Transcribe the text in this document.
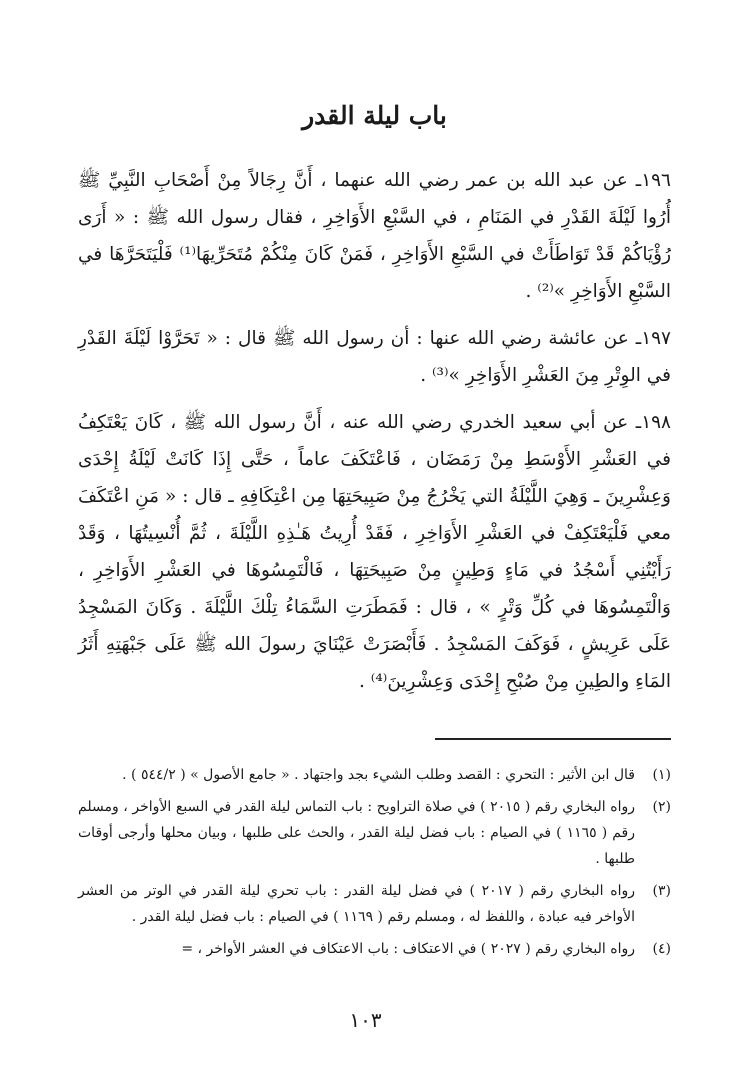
باب ليلة القدر

١٩٦ـ عن عبد الله بن عمر رضي الله عنهما ، أَنَّ رِجَالاً مِنْ أَصْحَابِ النَّبِيِّ ﷺ أُرُوا لَيْلَةَ القَدْرِ في المَنَامِ ، في السَّبْعِ الأَوَاخِرِ ، فقال رسول الله ﷺ : « أَرَى رُؤْيَاكُمْ قَدْ تَوَاطَأَتْ في السَّبْعِ الأَوَاخِرِ ، فَمَنْ كَانَ مِنْكُمْ مُتَحَرِّيهَا⁽¹⁾ فَلْيَتَحَرَّهَا في السَّبْعِ الأَوَاخِرِ »⁽²⁾ .

١٩٧ـ عن عائشة رضي الله عنها : أن رسول الله ﷺ قال : « تَحَرَّوْا لَيْلَةَ القَدْرِ في الوِتْرِ مِنَ العَشْرِ الأَوَاخِرِ »⁽³⁾ .

١٩٨ـ عن أبي سعيد الخدري رضي الله عنه ، أَنَّ رسول الله ﷺ ، كَانَ يَعْتَكِفُ في العَشْرِ الأَوْسَطِ مِنْ رَمَضَان ، فَاعْتَكَفَ عاماً ، حَتَّى إِذَا كَانَتْ لَيْلَةُ إِحْدَى وَعِشْرِينَ ـ وَهِيَ اللَّيْلَةُ التي يَخْرُجُ مِنْ صَبِيحَتِهَا مِن اعْتِكَافِهِ ـ قال : « مَنِ اعْتَكَفَ معي فَلْيَعْتَكِفْ في العَشْرِ الأَوَاخِرِ ، فَقَدْ أُرِيتُ هَـٰذِهِ اللَّيْلَةَ ، ثُمَّ أُنْسِيتُهَا ، وَقَدْ رَأَيْتُنِي أَسْجُدُ في مَاءٍ وَطِينٍ مِنْ صَبِيحَتِهَا ، فَالْتَمِسُوهَا في العَشْرِ الأَوَاخِرِ ، وَالْتَمِسُوهَا في كُلِّ وَتْرٍ » ، قال : فَمَطَرَتِ السَّمَاءُ تِلْكَ اللَّيْلَةَ . وَكَانَ المَسْجِدُ عَلَى عَرِيشٍ ، فَوَكَفَ المَسْجِدُ . فَأَبْصَرَتْ عَيْنَايَ رسولَ الله ﷺ عَلَى جَبْهَتِهِ أَثَرُ المَاءِ والطِينِ مِنْ صُبْحِ إِحْدَى وَعِشْرِينَ⁽⁴⁾ .

(١)
قال ابن الأثير : التحري : القصد وطلب الشيء بجد واجتهاد . « جامع الأصول » ( ٥٤٤/٢ ) .
(٢)
رواه البخاري رقم ( ٢٠١٥ ) في صلاة التراويح : باب التماس ليلة القدر في السبع الأواخر ، ومسلم رقم ( ١١٦٥ ) في الصيام : باب فضل ليلة القدر ، والحث على طلبها ، وبيان محلها وأرجى أوقات طلبها .
(٣)
رواه البخاري رقم ( ٢٠١٧ ) في فضل ليلة القدر : باب تحري ليلة القدر في الوتر من العشر الأواخر فيه عبادة ، واللفظ له ، ومسلم رقم ( ١١٦٩ ) في الصيام : باب فضل ليلة القدر .
(٤)
رواه البخاري رقم ( ٢٠٢٧ ) في الاعتكاف : باب الاعتكاف في العشر الأواخر ، =
١٠٣
